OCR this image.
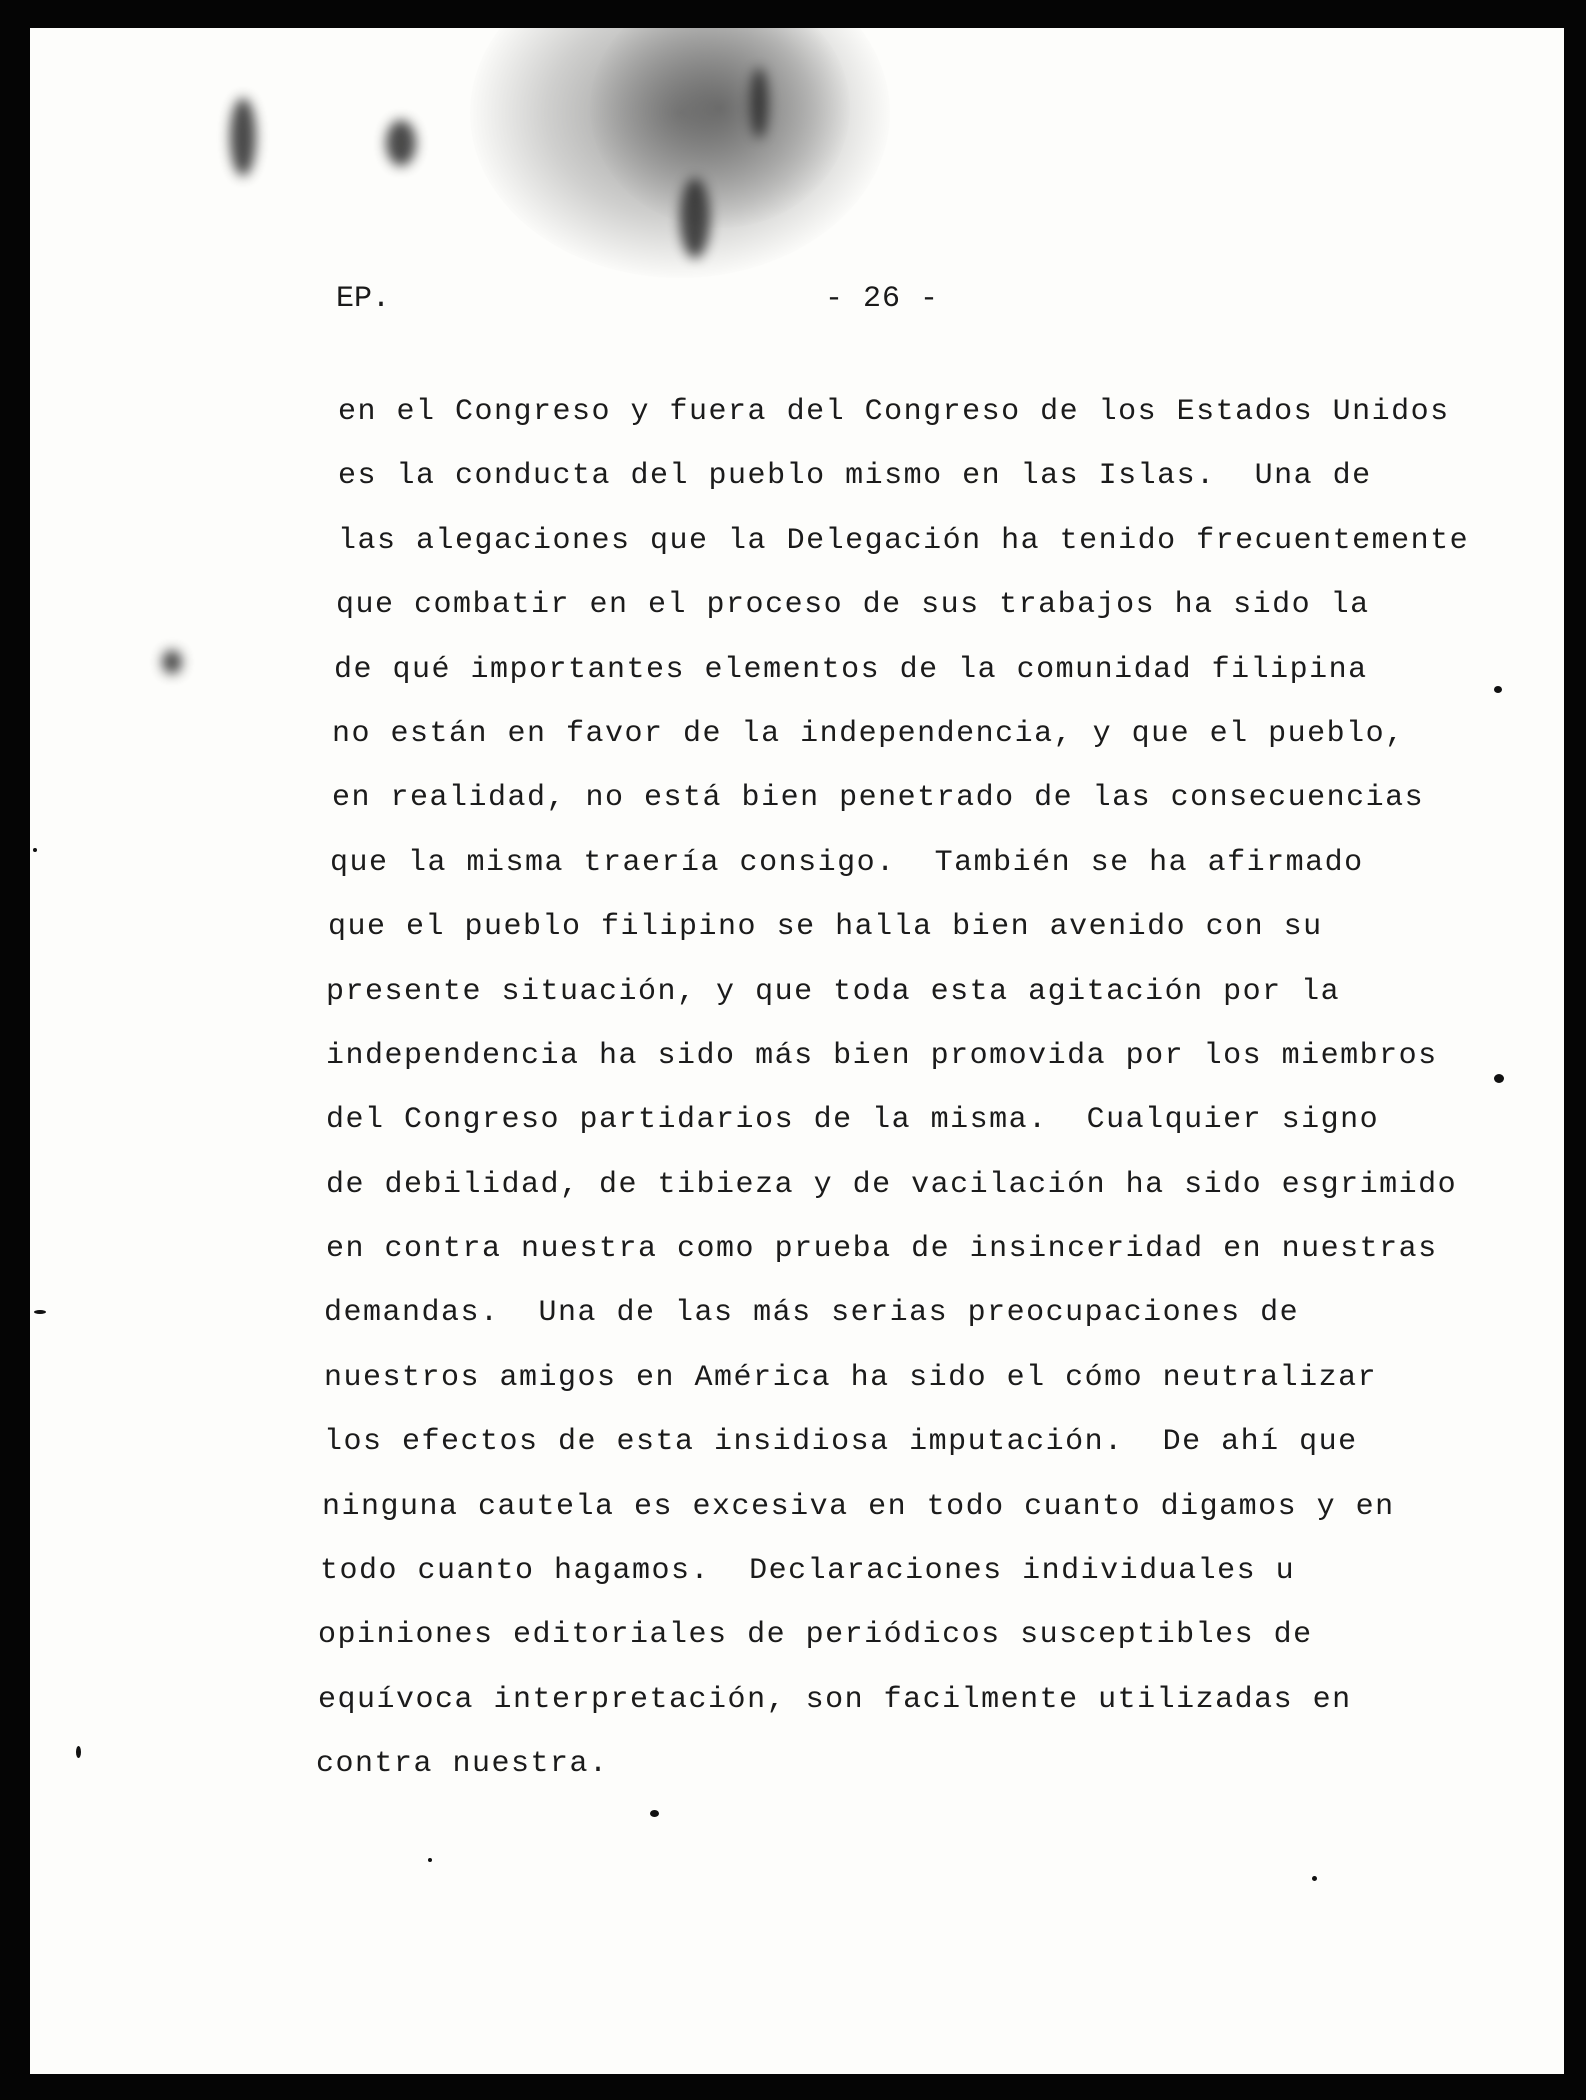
EP.	- 26 -
en el Congreso y fuera del Congreso de los Estados Unidos
es la conducta del pueblo mismo en las Islas.  Una de
las alegaciones que la Delegación ha tenido frecuentemente
que combatir en el proceso de sus trabajos ha sido la
de qué importantes elementos de la comunidad filipina
no están en favor de la independencia, y que el pueblo,
en realidad, no está bien penetrado de las consecuencias
que la misma traería consigo.  También se ha afirmado
que el pueblo filipino se halla bien avenido con su
presente situación, y que toda esta agitación por la
independencia ha sido más bien promovida por los miembros
del Congreso partidarios de la misma.  Cualquier signo
de debilidad, de tibieza y de vacilación ha sido esgrimido
en contra nuestra como prueba de insinceridad en nuestras
demandas.  Una de las más serias preocupaciones de
nuestros amigos en América ha sido el cómo neutralizar
los efectos de esta insidiosa imputación.  De ahí que
ninguna cautela es excesiva en todo cuanto digamos y en
todo cuanto hagamos.  Declaraciones individuales u
opiniones editoriales de periódicos susceptibles de
equívoca interpretación, son facilmente utilizadas en
contra nuestra.
